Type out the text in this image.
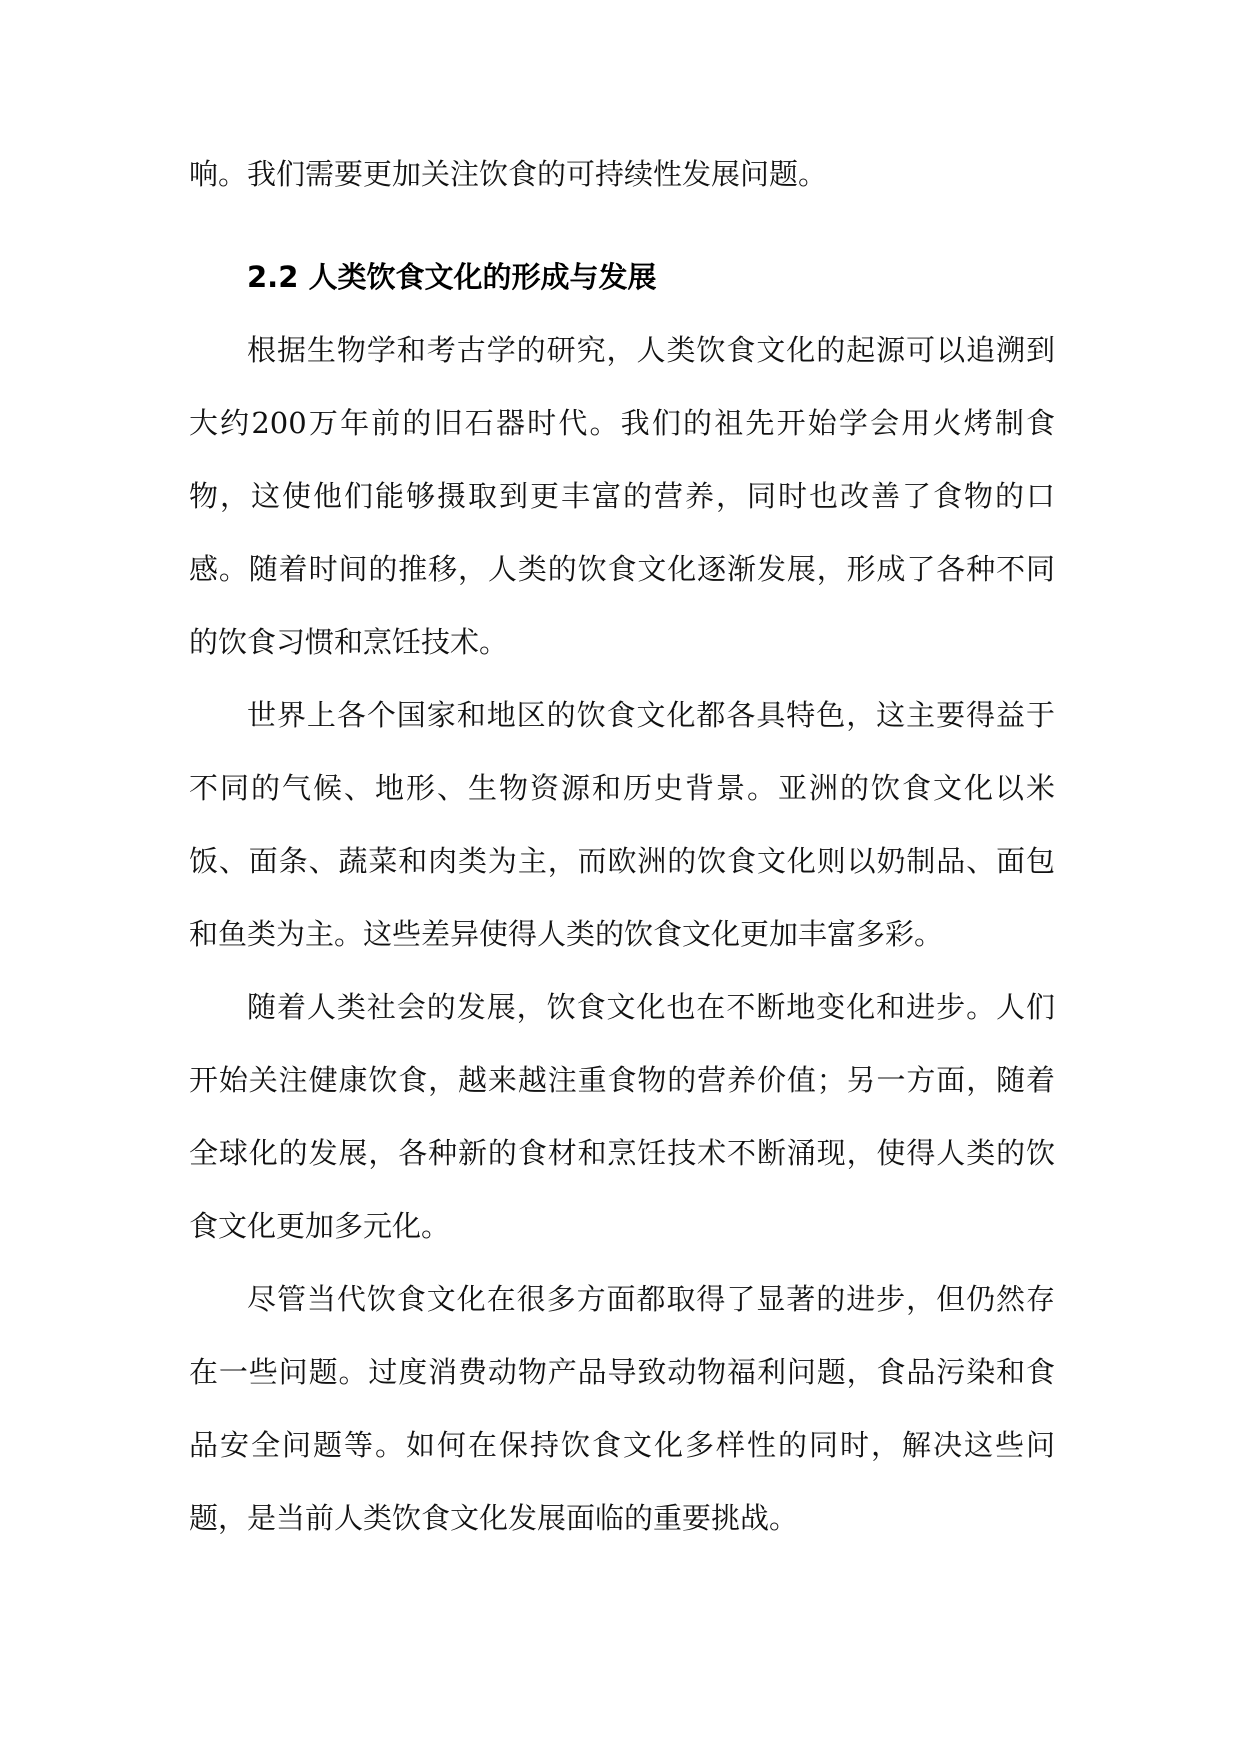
响。我们需要更加关注饮食的可持续性发展问题。

2.2 人类饮食文化的形成与发展

根据生物学和考古学的研究，人类饮食文化的起源可以追溯到大约200万年前的旧石器时代。我们的祖先开始学会用火烤制食物，这使他们能够摄取到更丰富的营养，同时也改善了食物的口感。随着时间的推移，人类的饮食文化逐渐发展，形成了各种不同的饮食习惯和烹饪技术。

世界上各个国家和地区的饮食文化都各具特色，这主要得益于不同的气候、地形、生物资源和历史背景。亚洲的饮食文化以米饭、面条、蔬菜和肉类为主，而欧洲的饮食文化则以奶制品、面包和鱼类为主。这些差异使得人类的饮食文化更加丰富多彩。

随着人类社会的发展，饮食文化也在不断地变化和进步。人们开始关注健康饮食，越来越注重食物的营养价值；另一方面，随着全球化的发展，各种新的食材和烹饪技术不断涌现，使得人类的饮食文化更加多元化。

尽管当代饮食文化在很多方面都取得了显著的进步，但仍然存在一些问题。过度消费动物产品导致动物福利问题，食品污染和食品安全问题等。如何在保持饮食文化多样性的同时，解决这些问题，是当前人类饮食文化发展面临的重要挑战。
